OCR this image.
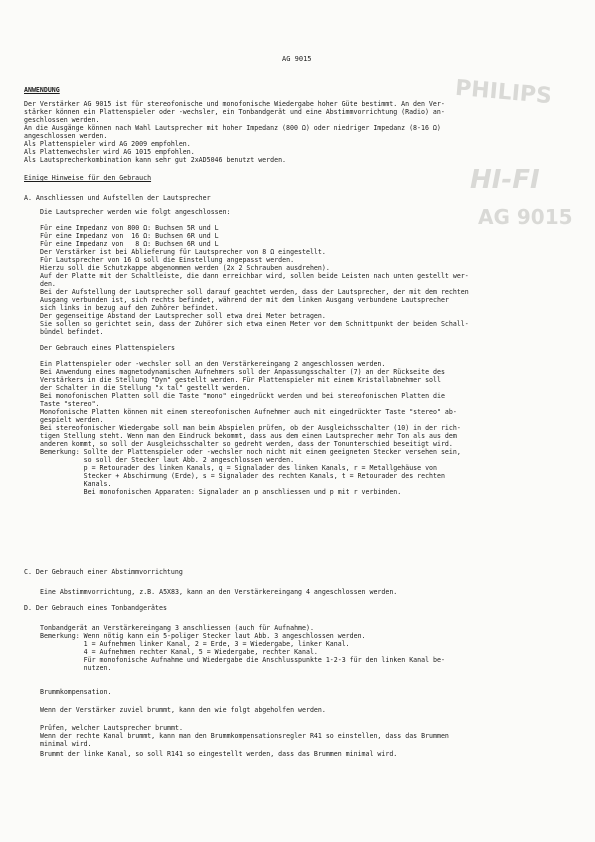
PHILIPS
HI-FI
AG 9015
AG 9015
ANWENDUNG
Der Verstärker AG 9015 ist für stereofonische und monofonische Wiedergabe hoher Güte bestimmt. An den Ver-
stärker können ein Plattenspieler oder -wechsler, ein Tonbandgerät und eine Abstimmvorrichtung (Radio) an-
geschlossen werden.
An die Ausgänge können nach Wahl Lautsprecher mit hoher Impedanz (800 Ω) oder niedriger Impedanz (8-16 Ω)
angeschlossen werden.
Als Plattenspieler wird AG 2009 empfohlen.
Als Plattenwechsler wird AG 1015 empfohlen.
Als Lautsprecherkombination kann sehr gut 2xAD5046 benutzt werden.
Einige Hinweise für den Gebrauch
A. Anschliessen und Aufstellen der Lautsprecher
Die Lautsprecher werden wie folgt angeschlossen:
Für eine Impedanz von 800 Ω: Buchsen 5R und L
Für eine Impedanz von  16 Ω: Buchsen 6R und L
Für eine Impedanz von   8 Ω: Buchsen 6R und L
Der Verstärker ist bei Ablieferung für Lautsprecher von 8 Ω eingestellt.
Für Lautsprecher von 16 Ω soll die Einstellung angepasst werden.
Hierzu soll die Schutzkappe abgenommen werden (2x 2 Schrauben ausdrehen).
Auf der Platte mit der Schaltleiste, die dann erreichbar wird, sollen beide Leisten nach unten gestellt wer-
den.
Bei der Aufstellung der Lautsprecher soll darauf geachtet werden, dass der Lautsprecher, der mit dem rechten
Ausgang verbunden ist, sich rechts befindet, während der mit dem linken Ausgang verbundene Lautsprecher
sich links in bezug auf den Zuhörer befindet.
Der gegenseitige Abstand der Lautsprecher soll etwa drei Meter betragen.
Sie sollen so gerichtet sein, dass der Zuhörer sich etwa einen Meter vor dem Schnittpunkt der beiden Schall-
bündel befindet.
Der Gebrauch eines Plattenspielers
Ein Plattenspieler oder -wechsler soll an den Verstärkereingang 2 angeschlossen werden.
Bei Anwendung eines magnetodynamischen Aufnehmers soll der Anpassungsschalter (7) an der Rückseite des
Verstärkers in die Stellung "Dyn" gestellt werden. Für Plattenspieler mit einem Kristallabnehmer soll
der Schalter in die Stellung "x tal" gestellt werden.
Bei monofonischen Platten soll die Taste "mono" eingedrückt werden und bei stereofonischen Platten die
Taste "stereo".
Monofonische Platten können mit einem stereofonischen Aufnehmer auch mit eingedrückter Taste "stereo" ab-
gespielt werden.
Bei stereofonischer Wiedergabe soll man beim Abspielen prüfen, ob der Ausgleichsschalter (10) in der rich-
tigen Stellung steht. Wenn man den Eindruck bekommt, dass aus dem einen Lautsprecher mehr Ton als aus dem
anderen kommt, so soll der Ausgleichsschalter so gedreht werden, dass der Tonunterschied beseitigt wird.
Bemerkung: Sollte der Plattenspieler oder -wechsler noch nicht mit einem geeigneten Stecker versehen sein,
so soll der Stecker laut Abb. 2 angeschlossen werden.
p = Retourader des linken Kanals, q = Signalader des linken Kanals, r = Metallgehäuse von
Stecker + Abschirmung (Erde), s = Signalader des rechten Kanals, t = Retourader des rechten
Kanals.
Bei monofonischen Apparaten: Signalader an p anschliessen und p mit r verbinden.
C. Der Gebrauch einer Abstimmvorrichtung
Eine Abstimmvorrichtung, z.B. A5X83, kann an den Verstärkereingang 4 angeschlossen werden.
D. Der Gebrauch eines Tonbandgerätes
Tonbandgerät an Verstärkereingang 3 anschliessen (auch für Aufnahme).
Bemerkung: Wenn nötig kann ein 5-poliger Stecker laut Abb. 3 angeschlossen werden.
1 = Aufnehmen linker Kanal, 2 = Erde, 3 = Wiedergabe, linker Kanal.
4 = Aufnehmen rechter Kanal, 5 = Wiedergabe, rechter Kanal.
Für monofonische Aufnahme und Wiedergabe die Anschlusspunkte 1-2-3 für den linken Kanal be-
nutzen.
Brummkompensation.
Wenn der Verstärker zuviel brummt, kann den wie folgt abgeholfen werden.
Prüfen, welcher Lautsprecher brummt.
Wenn der rechte Kanal brummt, kann man den Brummkompensationsregler R41 so einstellen, dass das Brummen
minimal wird.
Brummt der linke Kanal, so soll R141 so eingestellt werden, dass das Brummen minimal wird.
